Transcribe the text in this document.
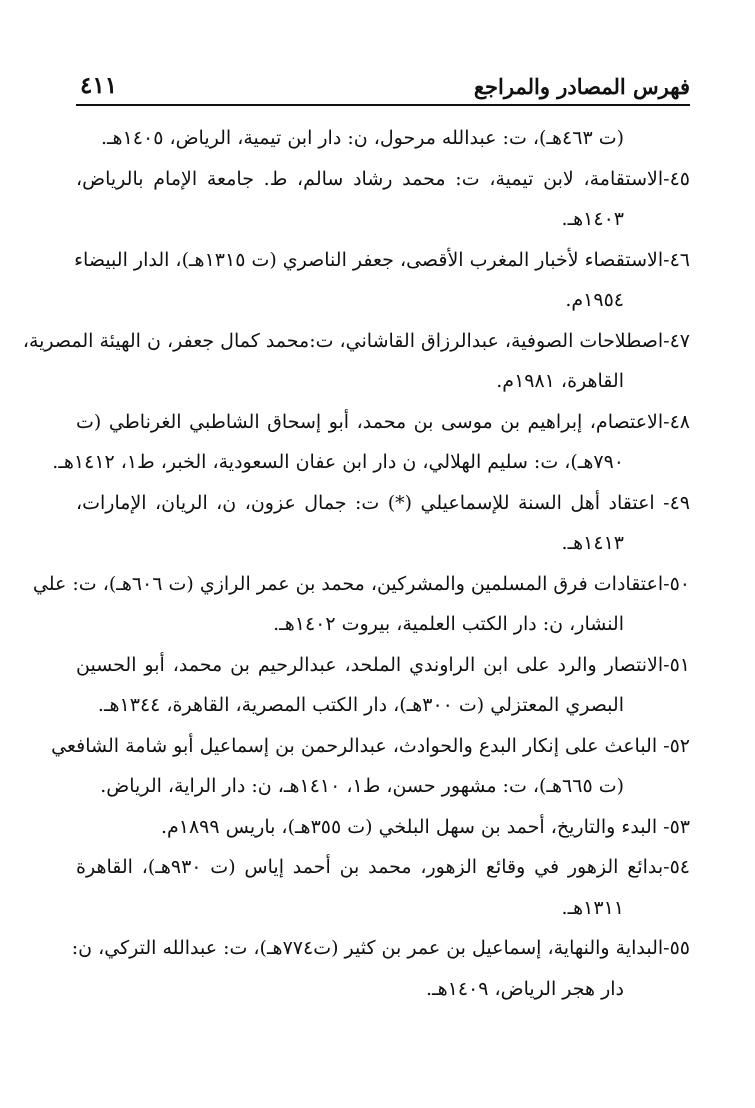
فهرس المصادر والمراجع
٤١١
(ت ٤٦٣هـ)، ت: عبدالله مرحول، ن: دار ابن تيمية، الرياض، ١٤٠٥هـ.
٤٥-الاستقامة، لابن تيمية، ت: محمد رشاد سالم، ط. جامعة الإمام بالرياض،
١٤٠٣هـ.
٤٦-الاستقصاء لأخبار المغرب الأقصى، جعفر الناصري (ت ١٣١٥هـ)، الدار البيضاء
١٩٥٤م.
٤٧-اصطلاحات الصوفية، عبدالرزاق القاشاني، ت:محمد كمال جعفر، ن الهيئة المصرية،
القاهرة، ١٩٨١م.
٤٨-الاعتصام، إبراهيم بن موسى بن محمد، أبو إسحاق الشاطبي الغرناطي (ت
٧٩٠هـ)، ت: سليم الهلالي، ن دار ابن عفان السعودية، الخبر، ط١، ١٤١٢هـ.
٤٩- اعتقاد أهل السنة للإسماعيلي (*) ت: جمال عزون، ن، الريان، الإمارات،
١٤١٣هـ.
٥٠-اعتقادات فرق المسلمين والمشركين، محمد بن عمر الرازي (ت ٦٠٦هـ)، ت: علي
النشار، ن: دار الكتب العلمية، بيروت ١٤٠٢هـ.
٥١-الانتصار والرد على ابن الراوندي الملحد، عبدالرحيم بن محمد، أبو الحسين
البصري المعتزلي (ت ٣٠٠هـ)، دار الكتب المصرية، القاهرة، ١٣٤٤هـ.
٥٢- الباعث على إنكار البدع والحوادث، عبدالرحمن بن إسماعيل أبو شامة الشافعي
(ت ٦٦٥هـ)، ت: مشهور حسن، ط١، ١٤١٠هـ، ن: دار الراية، الرياض.
٥٣- البدء والتاريخ، أحمد بن سهل البلخي (ت ٣٥٥هـ)، باريس ١٨٩٩م.
٥٤-بدائع الزهور في وقائع الزهور، محمد بن أحمد إياس (ت ٩٣٠هـ)، القاهرة
١٣١١هـ.
٥٥-البداية والنهاية، إسماعيل بن عمر بن كثير (ت٧٧٤هـ)، ت: عبدالله التركي، ن:
دار هجر الرياض، ١٤٠٩هـ.
